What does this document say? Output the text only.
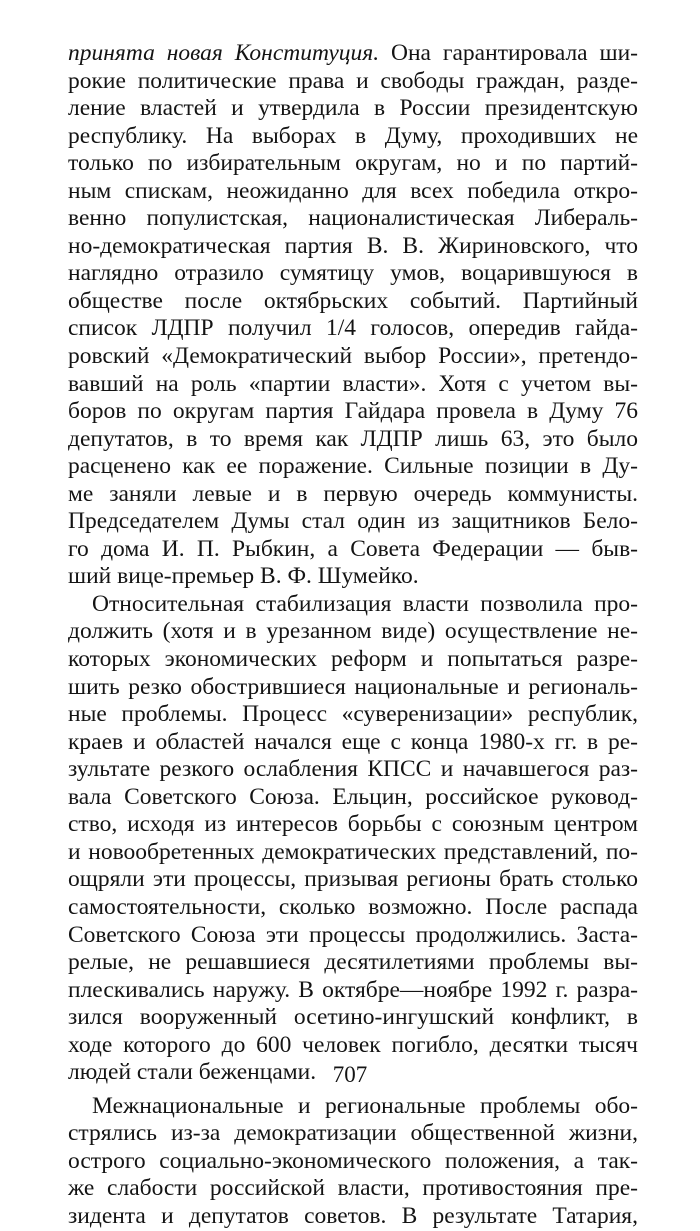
принята новая Конституция. Она гарантировала ши-
рокие политические права и свободы граждан, разде-
ление властей и утвердила в России президентскую
республику. На выборах в Думу, проходивших не
только по избирательным округам, но и по партий-
ным спискам, неожиданно для всех победила откро-
венно популистская, националистическая Либераль-
но-демократическая партия В. В. Жириновского, что
наглядно отразило сумятицу умов, воцарившуюся в
обществе после октябрьских событий. Партийный
список ЛДПР получил 1/4 голосов, опередив гайда-
ровский «Демократический выбор России», претендо-
вавший на роль «партии власти». Хотя с учетом вы-
боров по округам партия Гайдара провела в Думу 76
депутатов, в то время как ЛДПР лишь 63, это было
расценено как ее поражение. Сильные позиции в Ду-
ме заняли левые и в первую очередь коммунисты.
Председателем Думы стал один из защитников Бело-
го дома И. П. Рыбкин, а Совета Федерации — быв-
ший вице-премьер В. Ф. Шумейко.
Относительная стабилизация власти позволила про-
должить (хотя и в урезанном виде) осуществление не-
которых экономических реформ и попытаться разре-
шить резко обострившиеся национальные и региональ-
ные проблемы. Процесс «суверенизации» республик,
краев и областей начался еще с конца 1980-х гг. в ре-
зультате резкого ослабления КПСС и начавшегося раз-
вала Советского Союза. Ельцин, российское руковод-
ство, исходя из интересов борьбы с союзным центром
и новообретенных демократических представлений, по-
ощряли эти процессы, призывая регионы брать столько
самостоятельности, сколько возможно. После распада
Советского Союза эти процессы продолжились. Заста-
релые, не решавшиеся десятилетиями проблемы вы-
плескивались наружу. В октябре—ноябре 1992 г. разра-
зился вооруженный осетино-ингушский конфликт, в
ходе которого до 600 человек погибло, десятки тысяч
людей стали беженцами.
Межнациональные и региональные проблемы обо-
стрялись из-за демократизации общественной жизни,
острого социально-экономического положения, а так-
же слабости российской власти, противостояния пре-
зидента и депутатов советов. В результате Татария,
707
